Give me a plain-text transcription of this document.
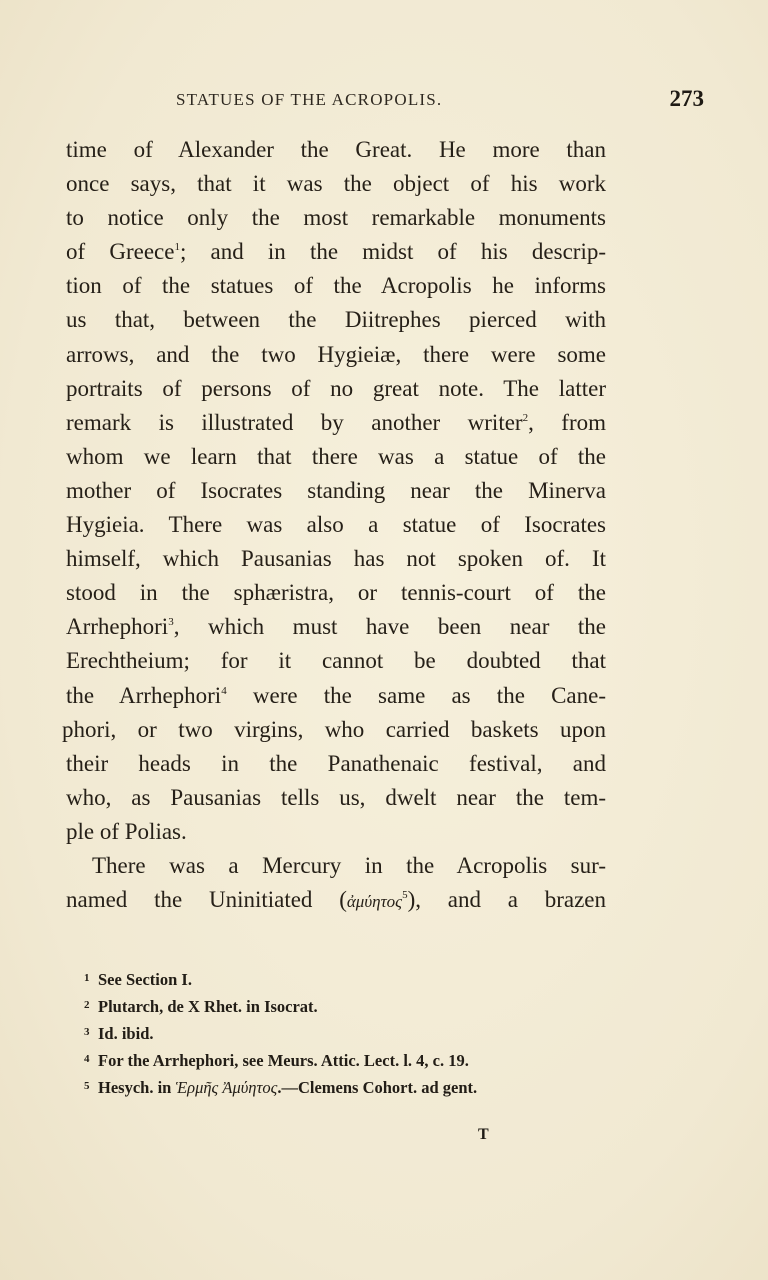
STATUES OF THE ACROPOLIS.	273
time of Alexander the Great. He more than
once says, that it was the object of his work
to notice only the most remarkable monuments
of Greece$^1$; and in the midst of his descrip-
tion of the statues of the Acropolis he informs
us that, between the Diitrephes pierced with
arrows, and the two Hygieiæ, there were some
portraits of persons of no great note. The latter
remark is illustrated by another writer$^2$, from
whom we learn that there was a statue of the
mother of Isocrates standing near the Minerva
Hygieia. There was also a statue of Isocrates
himself, which Pausanias has not spoken of. It
stood in the sphæristra, or tennis-court of the
Arrhephori$^3$, which must have been near the
Erechtheium; for it cannot be doubted that
the Arrhephori$^4$ were the same as the Cane-
phori, or two virgins, who carried baskets upon
their heads in the Panathenaic festival, and
who, as Pausanias tells us, dwelt near the tem-
ple of Polias.
There was a Mercury in the Acropolis sur-
named the Uninitiated (ἀμύητος$^5$), and a brazen
1 See Section I.
2 Plutarch, de X Rhet. in Isocrat.
3 Id. ibid.
4 For the Arrhephori, see Meurs. Attic. Lect. l. 4, c. 19.
5 Hesych. in Ἑρμῆς Ἀμύητος.—Clemens Cohort. ad gent.
T
